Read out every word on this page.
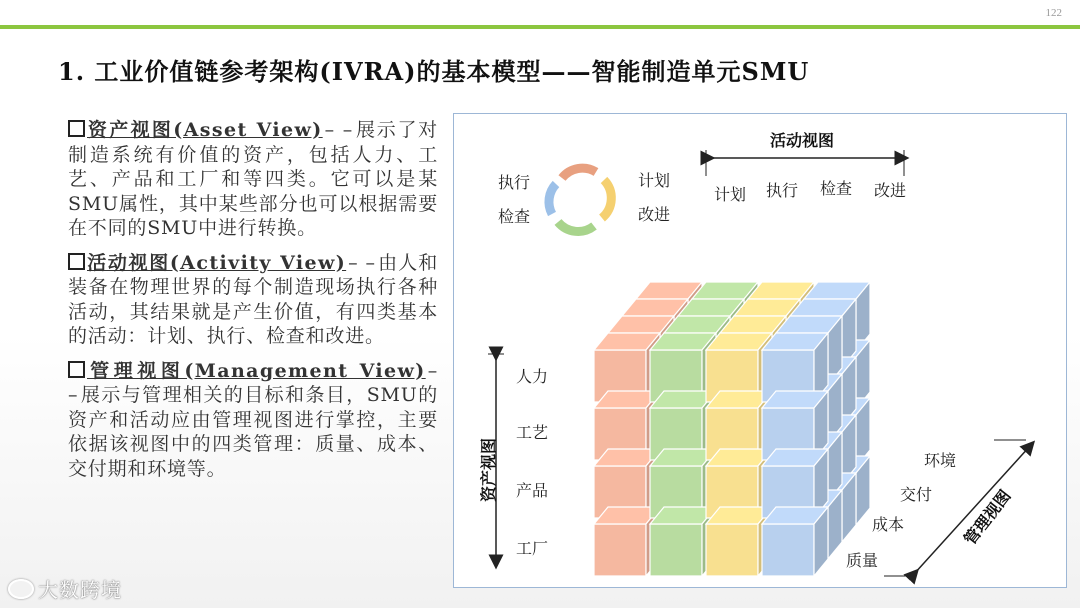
122
1. 工业价值链参考架构(IVRA)的基本模型——智能制造单元SMU

资产视图(Asset View) – – 展示了对制造系统有价值的资产，包括人力、工艺、产品和工厂和等四类。它可以是某SMU属性，其中某些部分也可以根据需要在不同的SMU中进行转换。

活动视图(Activity View) – – 由人和装备在物理世界的每个制造现场执行各种活动，其结果就是产生价值，有四类基本的活动：计划、执行、检查和改进。

管理视图(Management View) – – 展示与管理相关的目标和条目，SMU的资产和活动应由管理视图进行掌控，主要依据该视图中的四类管理：质量、成本、交付期和环境等。

执行
检查
计划
改进
活动视图
计划 执行 检查 改进
资产视图
人力
工艺
产品
工厂
管理视图
环境
交付
成本
质量
大数跨境
